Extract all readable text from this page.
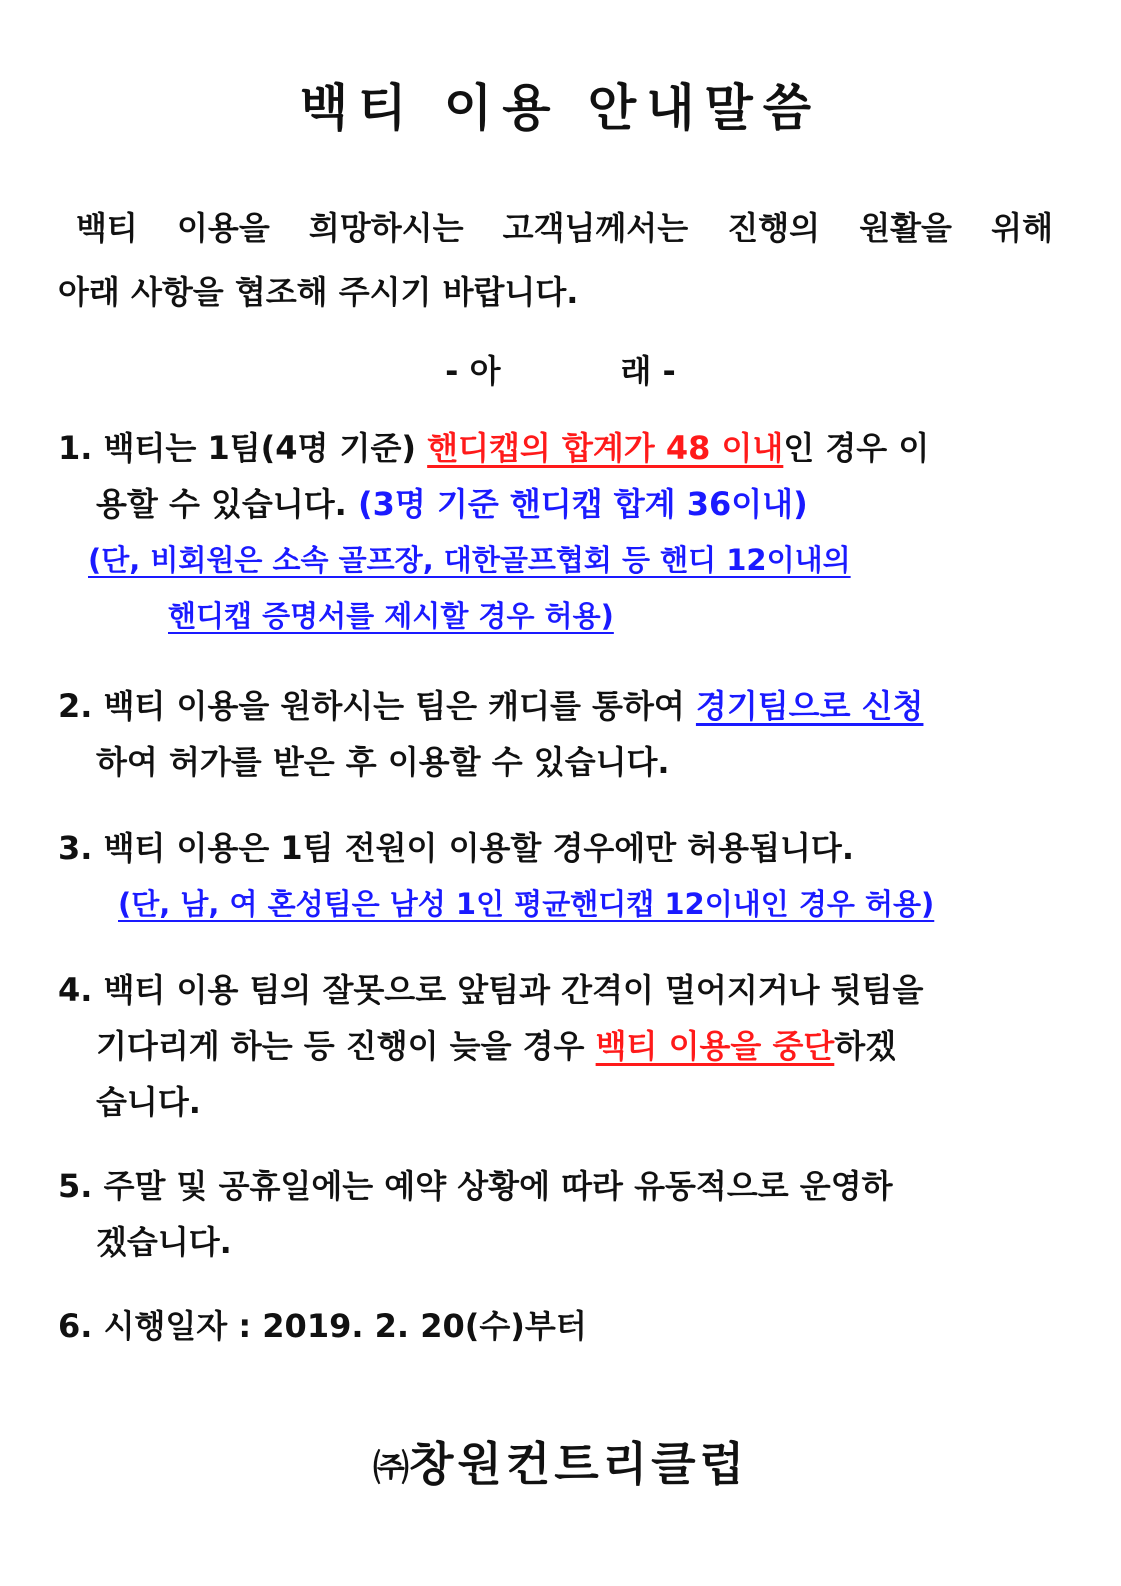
백티 이용 안내말씀
백티 이용을 희망하시는 고객님께서는 진행의 원활을 위해
아래 사항을 협조해 주시기 바랍니다.
- 아	래 -
1. 백티는 1팀(4명 기준) 핸디캡의 합계가 48 이내인 경우 이
용할 수 있습니다. (3명 기준 핸디캡 합계 36이내)
(단, 비회원은 소속 골프장, 대한골프협회 등 핸디 12이내의
핸디캡 증명서를 제시할 경우 허용)
2. 백티 이용을 원하시는 팀은 캐디를 통하여 경기팀으로 신청
하여 허가를 받은 후 이용할 수 있습니다.
3. 백티 이용은 1팀 전원이 이용할 경우에만 허용됩니다.
(단, 남, 여 혼성팀은 남성 1인 평균핸디캡 12이내인 경우 허용)
4. 백티 이용 팀의 잘못으로 앞팀과 간격이 멀어지거나 뒷팀을
기다리게 하는 등 진행이 늦을 경우 백티 이용을 중단하겠
습니다.
5. 주말 및 공휴일에는 예약 상황에 따라 유동적으로 운영하
겠습니다.
6. 시행일자 : 2019. 2. 20(수)부터
㈜창원컨트리클럽
